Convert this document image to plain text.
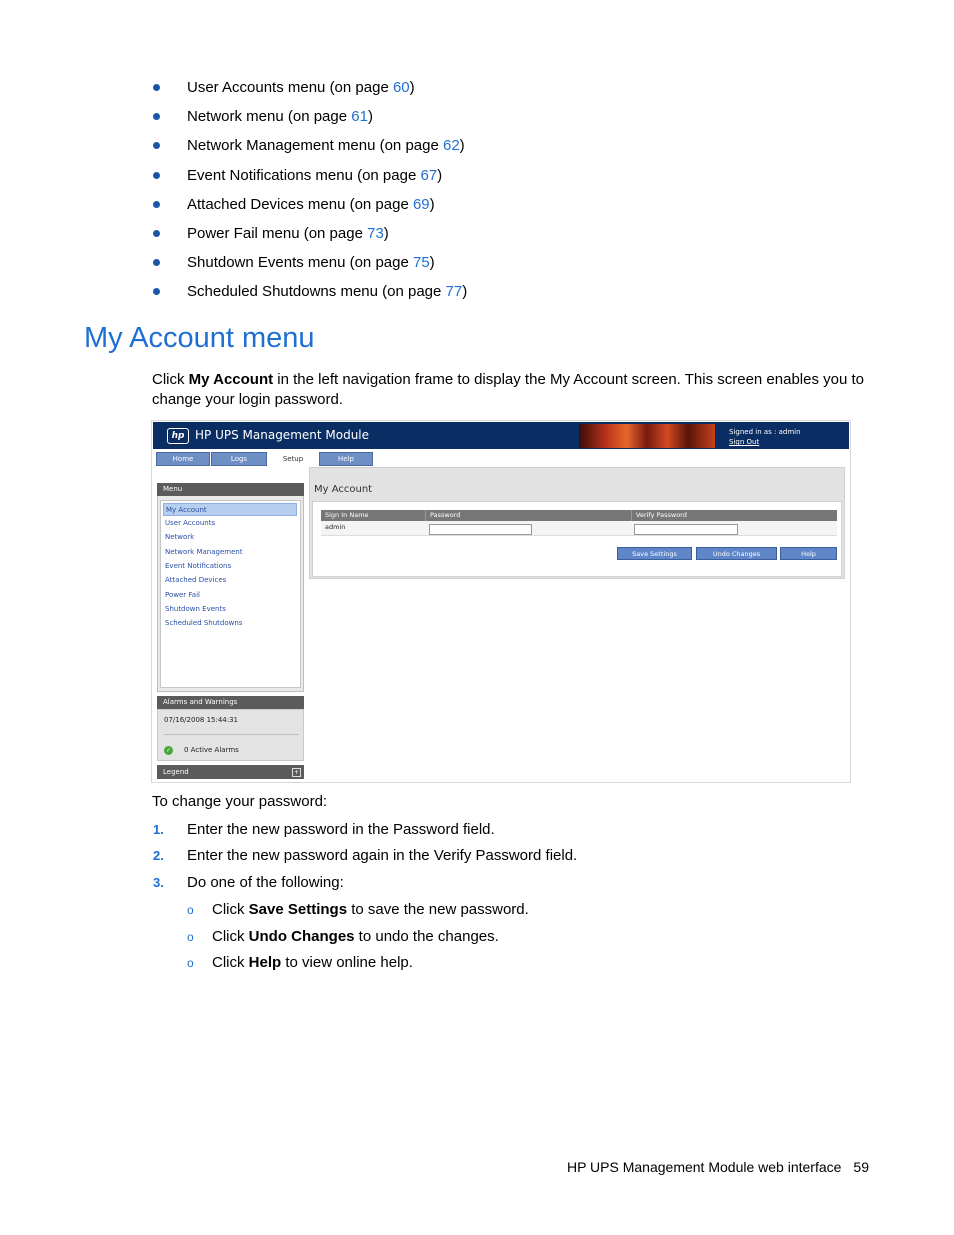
User Accounts menu (on page 60)
Network menu (on page 61)
Network Management menu (on page 62)
Event Notifications menu (on page 67)
Attached Devices menu (on page 69)
Power Fail menu (on page 73)
Shutdown Events menu (on page 75)
Scheduled Shutdowns menu (on page 77)
My Account menu
Click My Account in the left navigation frame to display the My Account screen. This screen enables you to change your login password.
hp HP UPS Management Module	Signed in as : admin
Sign Out
Home	Logs	Setup	Help
Menu
My Account
User Accounts
Network
Network Management
Event Notifications
Attached Devices
Power Fail
Shutdown Events
Scheduled Shutdowns
Alarms and Warnings
07/16/2008 15:44:31
✓ 0 Active Alarms
Legend	+
My Account
Sign In Name	Password	Verify Password
admin
Save Settings	Undo Changes	Help
To change your password:
1. Enter the new password in the Password field.
2. Enter the new password again in the Verify Password field.
3. Do one of the following:
o Click Save Settings to save the new password.
o Click Undo Changes to undo the changes.
o Click Help to view online help.
HP UPS Management Module web interface 59
